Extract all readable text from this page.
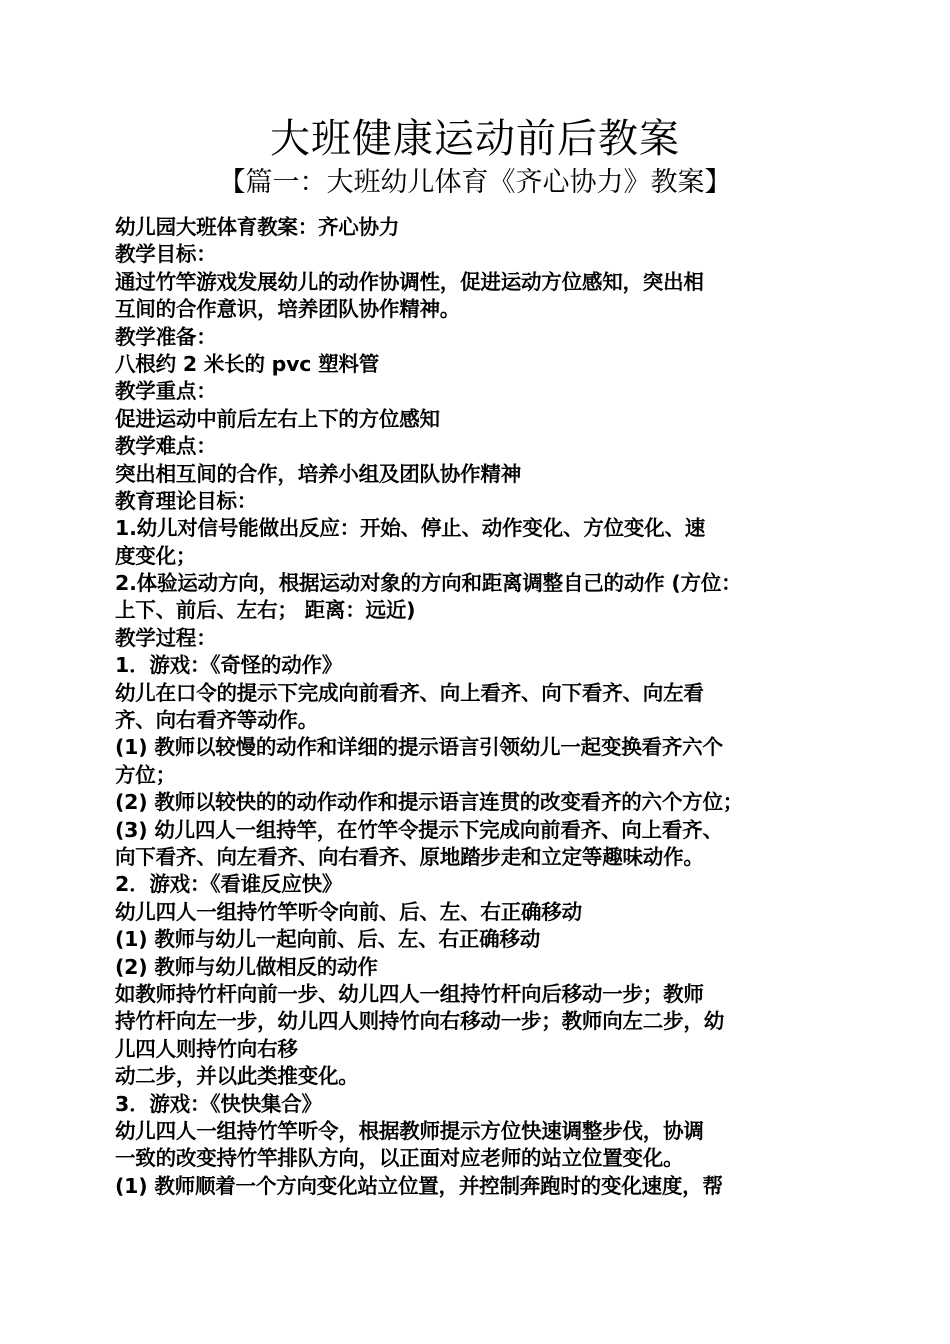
大班健康运动前后教案
【篇一：大班幼儿体育《齐心协力》教案】
幼儿园大班体育教案：齐心协力
教学目标：
通过竹竿游戏发展幼儿的动作协调性，促进运动方位感知，突出相
互间的合作意识，培养团队协作精神。
教学准备：
八根约 2 米长的 pvc 塑料管
教学重点：
促进运动中前后左右上下的方位感知
教学难点：
突出相互间的合作，培养小组及团队协作精神
教育理论目标：
1.幼儿对信号能做出反应：开始、停止、动作变化、方位变化、速
度变化；
2.体验运动方向，根据运动对象的方向和距离调整自己的动作 (方位：
上下、前后、左右； 距离：远近)
教学过程：
1．游戏：《奇怪的动作》
幼儿在口令的提示下完成向前看齐、向上看齐、向下看齐、向左看
齐、向右看齐等动作。
(1) 教师以较慢的动作和详细的提示语言引领幼儿一起变换看齐六个
方位；
(2) 教师以较快的的动作动作和提示语言连贯的改变看齐的六个方位；
(3) 幼儿四人一组持竿，在竹竿令提示下完成向前看齐、向上看齐、
向下看齐、向左看齐、向右看齐、原地踏步走和立定等趣味动作。
2．游戏：《看谁反应快》
幼儿四人一组持竹竿听令向前、后、左、右正确移动
(1) 教师与幼儿一起向前、后、左、右正确移动
(2) 教师与幼儿做相反的动作
如教师持竹杆向前一步、幼儿四人一组持竹杆向后移动一步；教师
持竹杆向左一步，幼儿四人则持竹向右移动一步；教师向左二步，幼
儿四人则持竹向右移
动二步，并以此类推变化。
3．游戏：《快快集合》
幼儿四人一组持竹竿听令，根据教师提示方位快速调整步伐，协调
一致的改变持竹竿排队方向，以正面对应老师的站立位置变化。
(1) 教师顺着一个方向变化站立位置，并控制奔跑时的变化速度，帮
